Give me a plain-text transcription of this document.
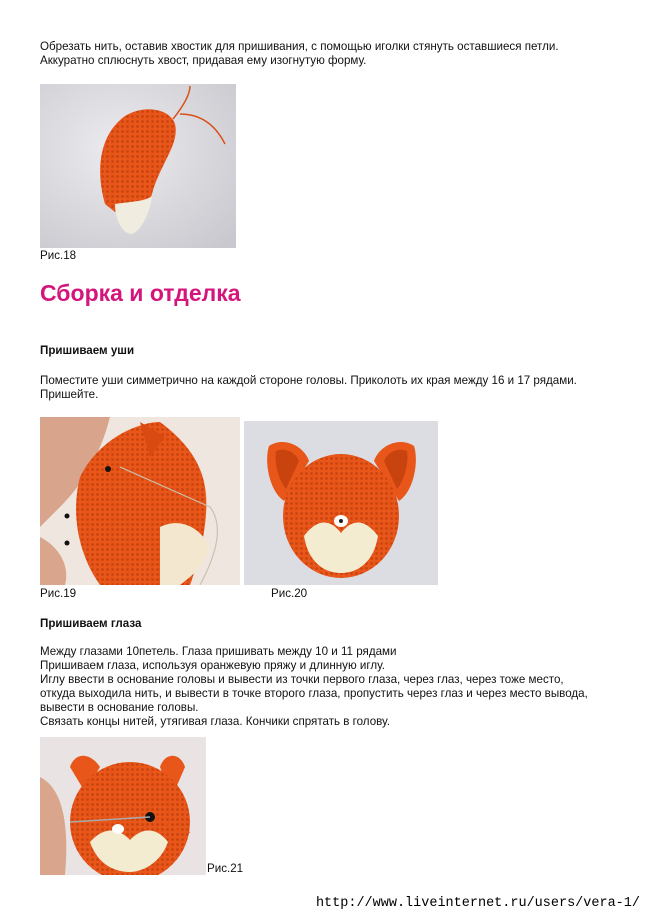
Обрезать нить, оставив хвостик для пришивания, с помощью иголки стянуть оставшиеся петли. Аккуратно сплюснуть хвост, придавая ему изогнутую форму.

Рис.18

Сборка и отделка

Пришиваем уши

Поместите уши симметрично на каждой стороне головы. Приколоть их края между 16 и 17 рядами. Пришейте.

Рис.19	Рис.20

Пришиваем глаза

Между глазами 10петель. Глаза пришивать между 10 и 11 рядами

Пришиваем глаза, используя оранжевую пряжу и длинную иглу.

Иглу ввести в основание головы и вывести из точки первого глаза, через глаз, через тоже место, откуда выходила нить, и вывести в точке второго глаза, пропустить через глаз и через место вывода, вывести в основание головы.

Связать концы нитей, утягивая глаза. Кончики спрятать в голову.

Рис.21

http://www.liveinternet.ru/users/vera-1/
